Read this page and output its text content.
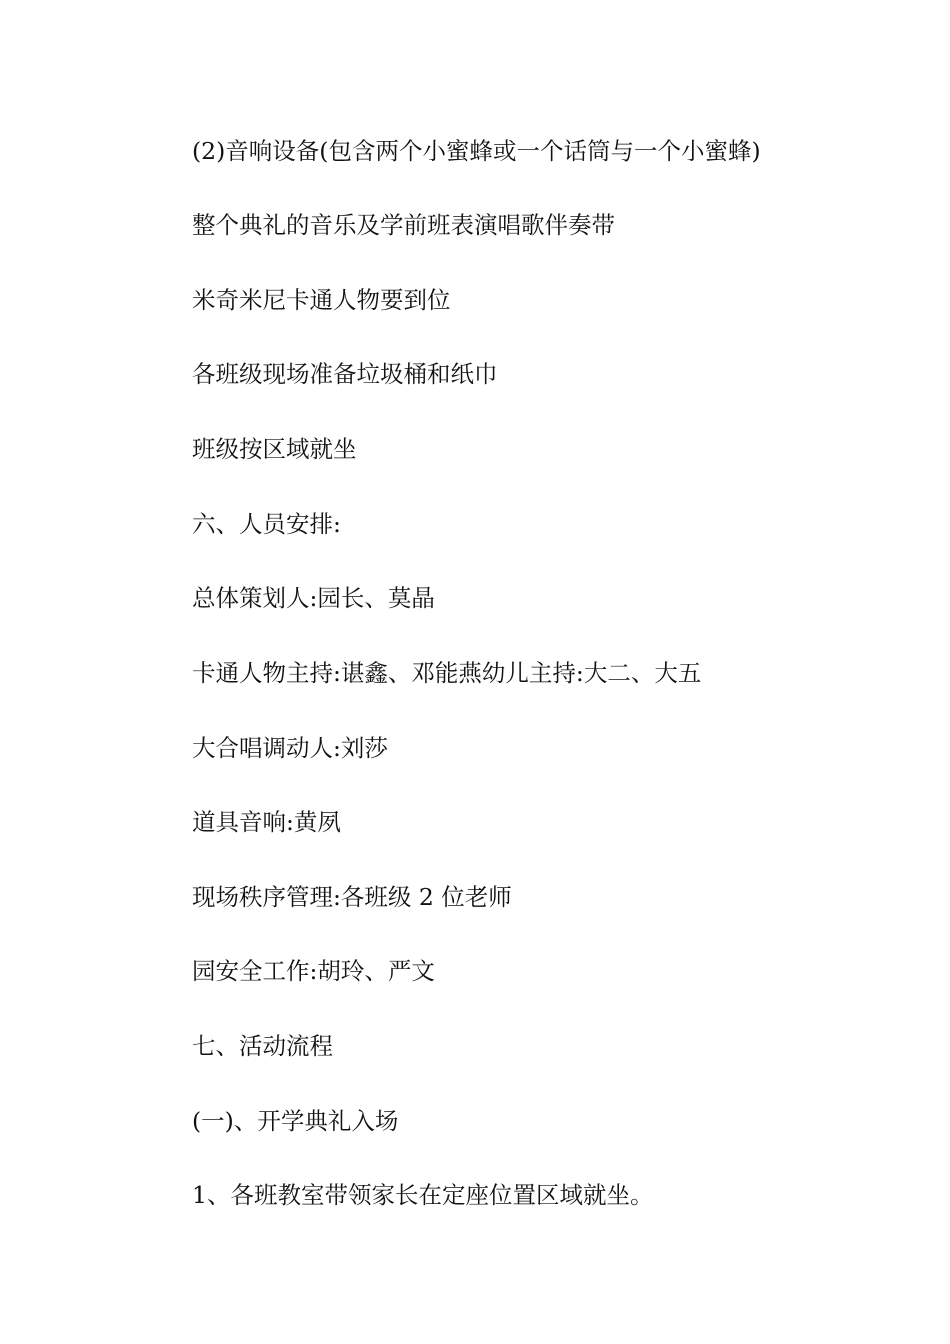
(2)音响设备(包含两个小蜜蜂或一个话筒与一个小蜜蜂)

整个典礼的音乐及学前班表演唱歌伴奏带

米奇米尼卡通人物要到位

各班级现场准备垃圾桶和纸巾

班级按区域就坐

六、人员安排:

总体策划人:园长、莫晶

卡通人物主持:谌鑫、邓能燕幼儿主持:大二、大五

大合唱调动人:刘莎

道具音响:黄夙

现场秩序管理:各班级 2 位老师

园安全工作:胡玲、严文

七、活动流程

(一)、开学典礼入场

1、各班教室带领家长在定座位置区域就坐。
